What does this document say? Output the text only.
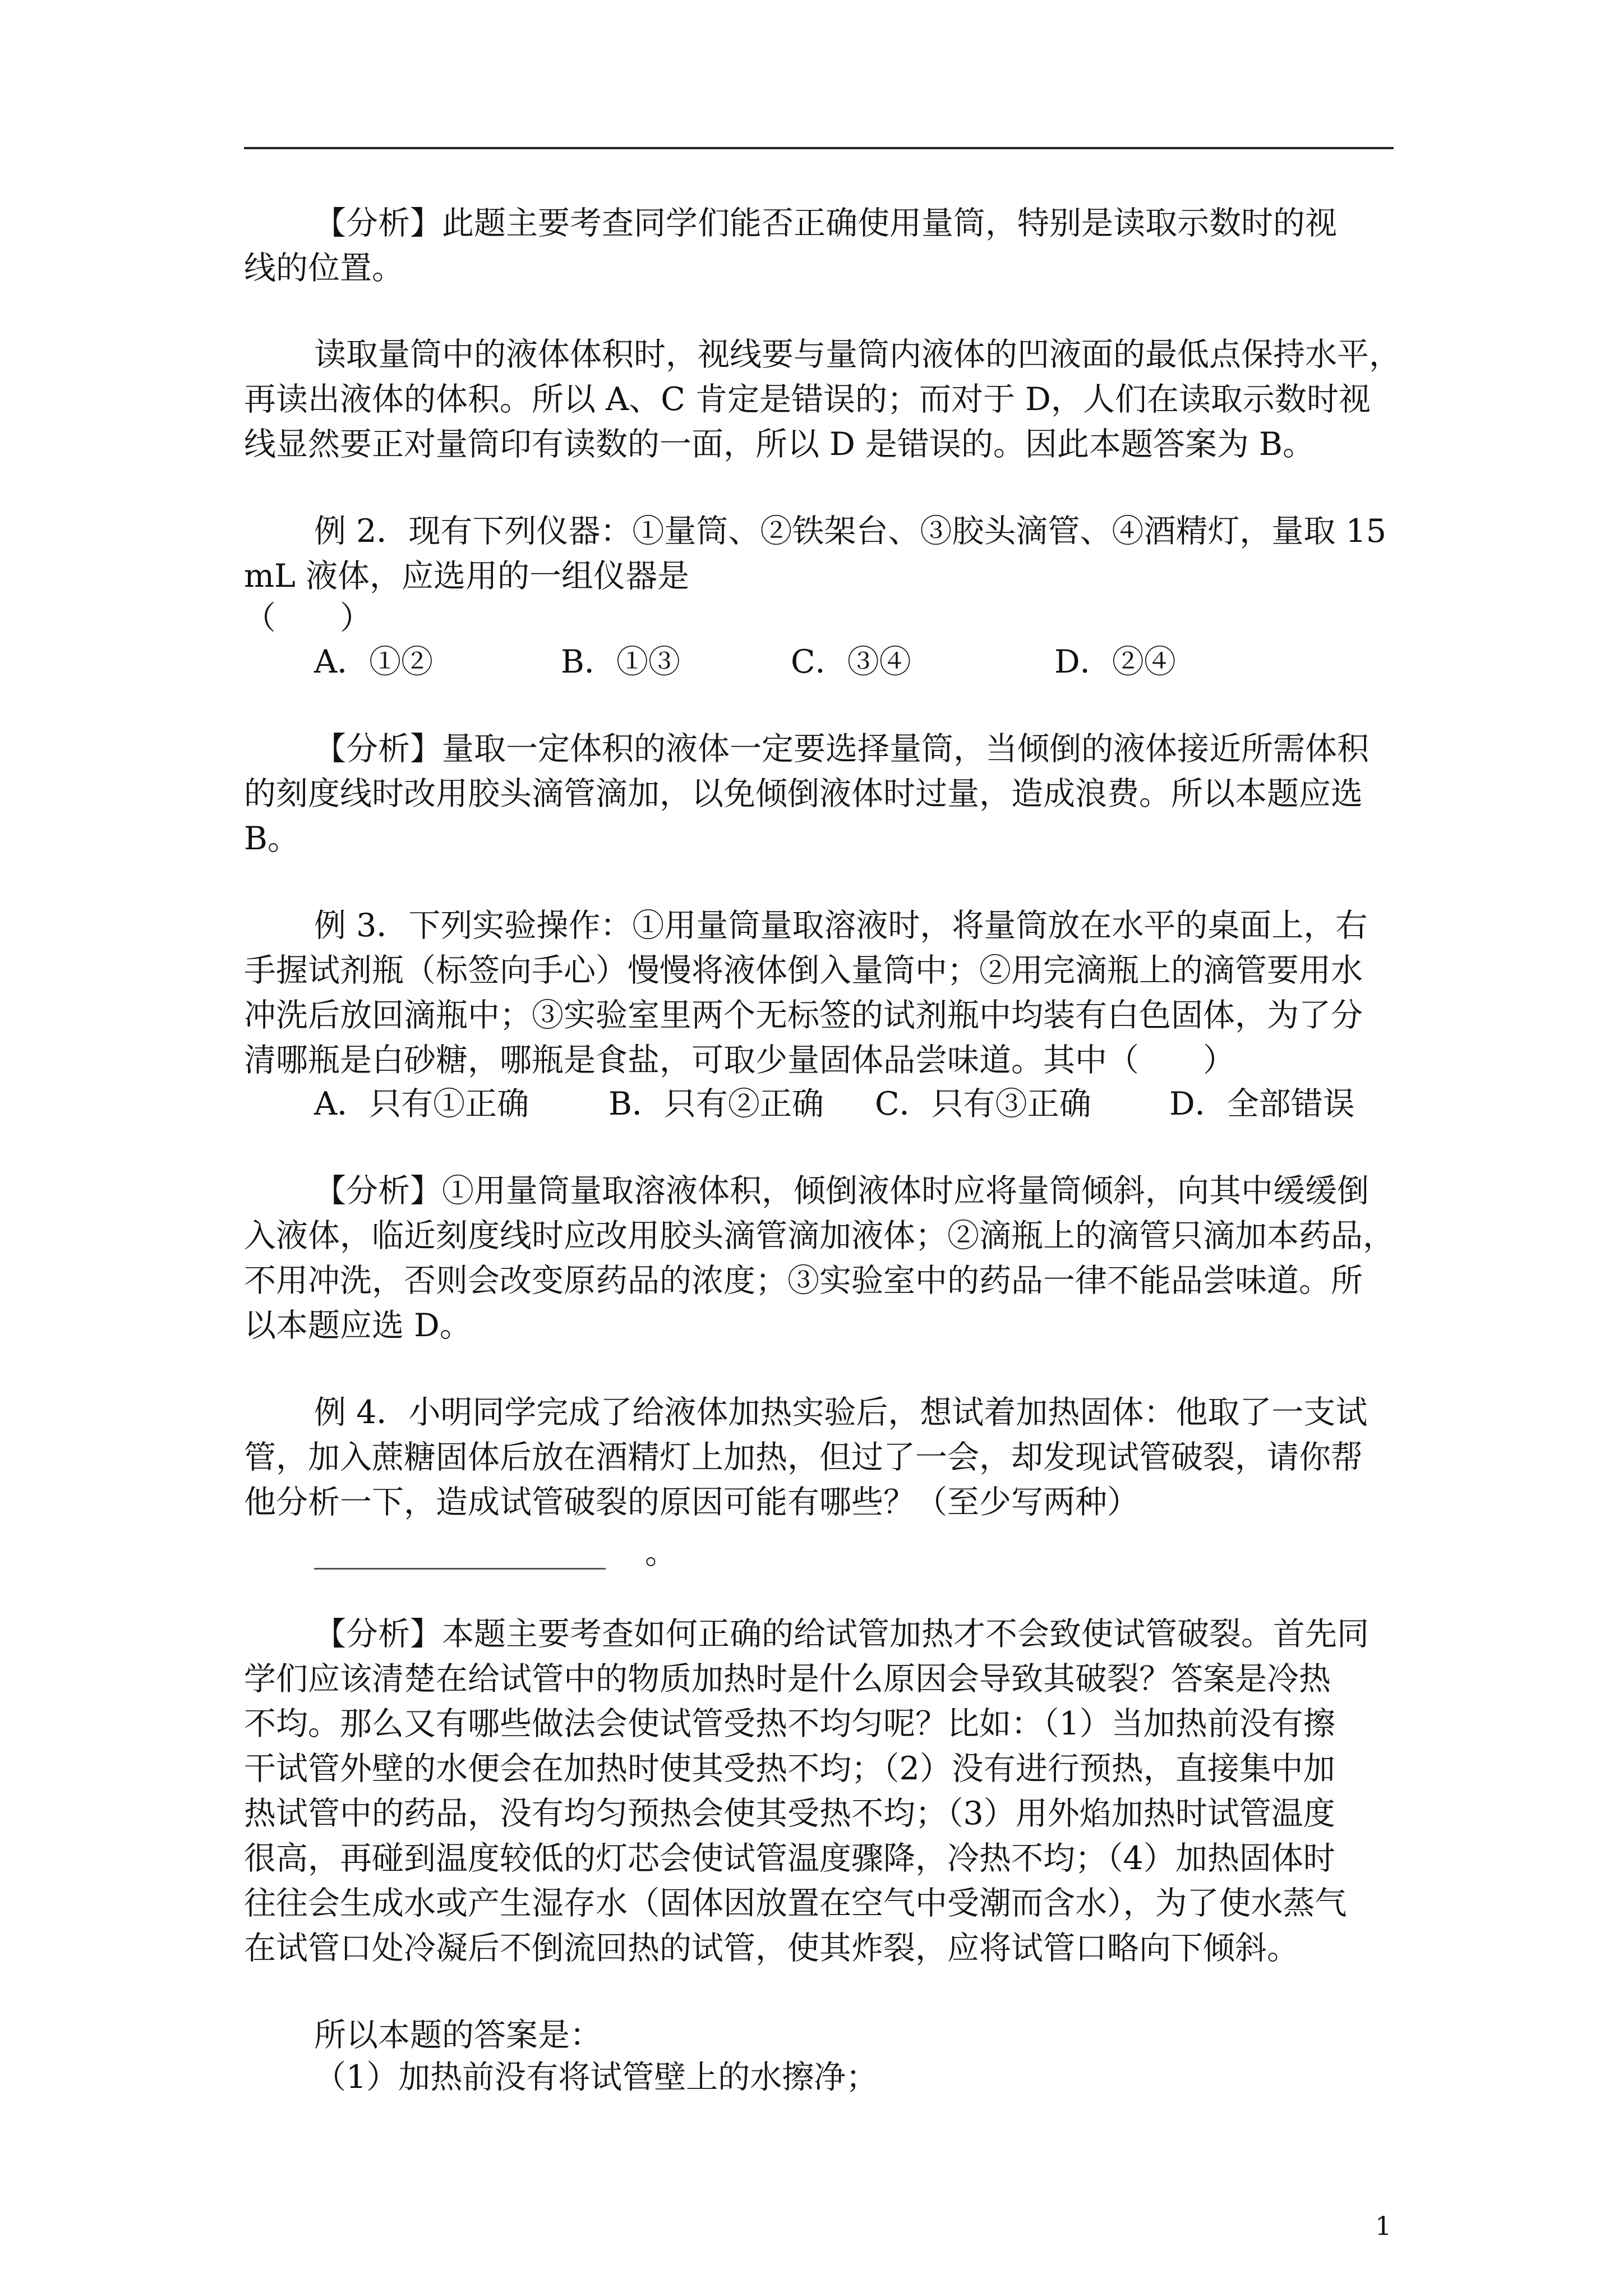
【分析】此题主要考查同学们能否正确使用量筒，特别是读取示数时的视

线的位置。

读取量筒中的液体体积时，视线要与量筒内液体的凹液面的最低点保持水平，

再读出液体的体积。所以 A、C 肯定是错误的；而对于 D，人们在读取示数时视

线显然要正对量筒印有读数的一面，所以 D 是错误的。因此本题答案为 B。

例 2．现有下列仪器：①量筒、②铁架台、③胶头滴管、④酒精灯，量取 15

mL 液体，应选用的一组仪器是

（　　）

A．①②	B．①③	C．③④	D．②④

【分析】量取一定体积的液体一定要选择量筒，当倾倒的液体接近所需体积

的刻度线时改用胶头滴管滴加，以免倾倒液体时过量，造成浪费。所以本题应选

B。

例 3．下列实验操作：①用量筒量取溶液时，将量筒放在水平的桌面上，右

手握试剂瓶（标签向手心）慢慢将液体倒入量筒中；②用完滴瓶上的滴管要用水

冲洗后放回滴瓶中；③实验室里两个无标签的试剂瓶中均装有白色固体，为了分

清哪瓶是白砂糖，哪瓶是食盐，可取少量固体品尝味道。其中（　　）

A．只有①正确 B．只有②正确 C．只有③正确 D．全部错误

【分析】①用量筒量取溶液体积，倾倒液体时应将量筒倾斜，向其中缓缓倒

入液体，临近刻度线时应改用胶头滴管滴加液体；②滴瓶上的滴管只滴加本药品，

不用冲洗，否则会改变原药品的浓度；③实验室中的药品一律不能品尝味道。所

以本题应选 D。

例 4．小明同学完成了给液体加热实验后，想试着加热固体：他取了一支试

管，加入蔗糖固体后放在酒精灯上加热，但过了一会，却发现试管破裂，请你帮

他分析一下，造成试管破裂的原因可能有哪些？（至少写两种）

。

【分析】本题主要考查如何正确的给试管加热才不会致使试管破裂。首先同

学们应该清楚在给试管中的物质加热时是什么原因会导致其破裂？答案是冷热

不均。那么又有哪些做法会使试管受热不均匀呢？比如：（1）当加热前没有擦

干试管外壁的水便会在加热时使其受热不均；（2）没有进行预热，直接集中加

热试管中的药品，没有均匀预热会使其受热不均；（3）用外焰加热时试管温度

很高，再碰到温度较低的灯芯会使试管温度骤降，冷热不均；（4）加热固体时

往往会生成水或产生湿存水（固体因放置在空气中受潮而含水），为了使水蒸气

在试管口处冷凝后不倒流回热的试管，使其炸裂，应将试管口略向下倾斜。

所以本题的答案是：

（1）加热前没有将试管壁上的水擦净；

1
